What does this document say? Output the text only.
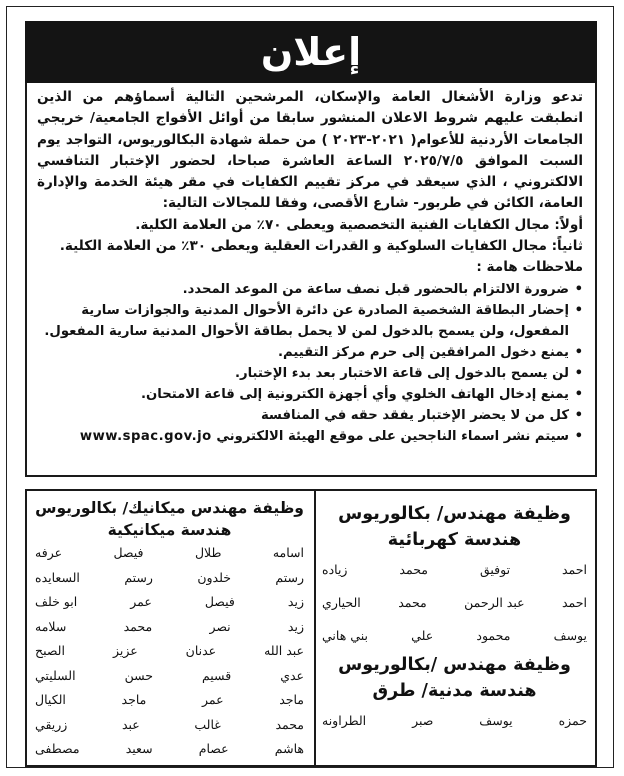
إعلان

تدعو وزارة الأشغال العامة والإسكان، المرشحين التالية أسماؤهم من الذين انطبقت عليهم شروط الاعلان المنشور سابقا من أوائل الأفواج الجامعية/ خريجي الجامعات الأردنية للأعوام( ٢٠٢١-٢٠٢٣ ) من حملة شهادة البكالوريوس، التواجد يوم السبت الموافق ٢٠٢٥/٧/٥ الساعة العاشرة صباحا، لحضور الإختبار التنافسي الالكتروني ، الذي سيعقد في مركز تقييم الكفايات في مقر هيئة الخدمة والإدارة العامة، الكائن في طربور- شارع الأقصى، وفقا للمجالات التالية:

أولاً: مجال الكفايات الفنية التخصصية ويعطى ٧٠٪ من العلامة الكلية.
ثانياً: مجال الكفايات السلوكية و القدرات العقلية ويعطى ٣٠٪ من العلامة الكلية.

ملاحظات هامة :

• ضرورة الالتزام بالحضور قبل نصف ساعة من الموعد المحدد.
• إحضار البطاقة الشخصية الصادرة عن دائرة الأحوال المدنية والجوازات سارية المفعول، ولن يسمح بالدخول لمن لا يحمل بطاقة الأحوال المدنية سارية المفعول.
• يمنع دخول المرافقين إلى حرم مركز التقييم.
• لن يسمح بالدخول إلى قاعة الاختبار بعد بدء الإختبار.
• يمنع إدخال الهاتف الخلوي وأي أجهزة الكترونية إلى قاعة الامتحان.
• كل من لا يحضر الإختبار يفقد حقه في المنافسة
• سيتم نشر اسماء الناجحين على موقع الهيئة الالكتروني www.spac.gov.jo
وظيفة مهندس/ بكالوريوس هندسة كهربائية
احمد
توفيق
محمد
زياده
احمد
عبد الرحمن
محمد
الحياري
يوسف
محمود
علي
بني هاني
وظيفة مهندس /بكالوريوس هندسة مدنية/ طرق
حمزه
يوسف
صبر
الطراونه
وظيفة مهندس ميكانيك/ بكالوريوس هندسة ميكانيكية
اسامه
طلال
فيصل
عرفه
رستم
خلدون
رستم
السعايده
زيد
فيصل
عمر
ابو خلف
زيد
نصر
محمد
سلامه
عبد الله
عدنان
عزيز
الصبح
عدي
قسيم
حسن
السليتي
ماجد
عمر
ماجد
الكيال
محمد
غالب
عبد
زريقي
هاشم
عصام
سعيد
مصطفى
